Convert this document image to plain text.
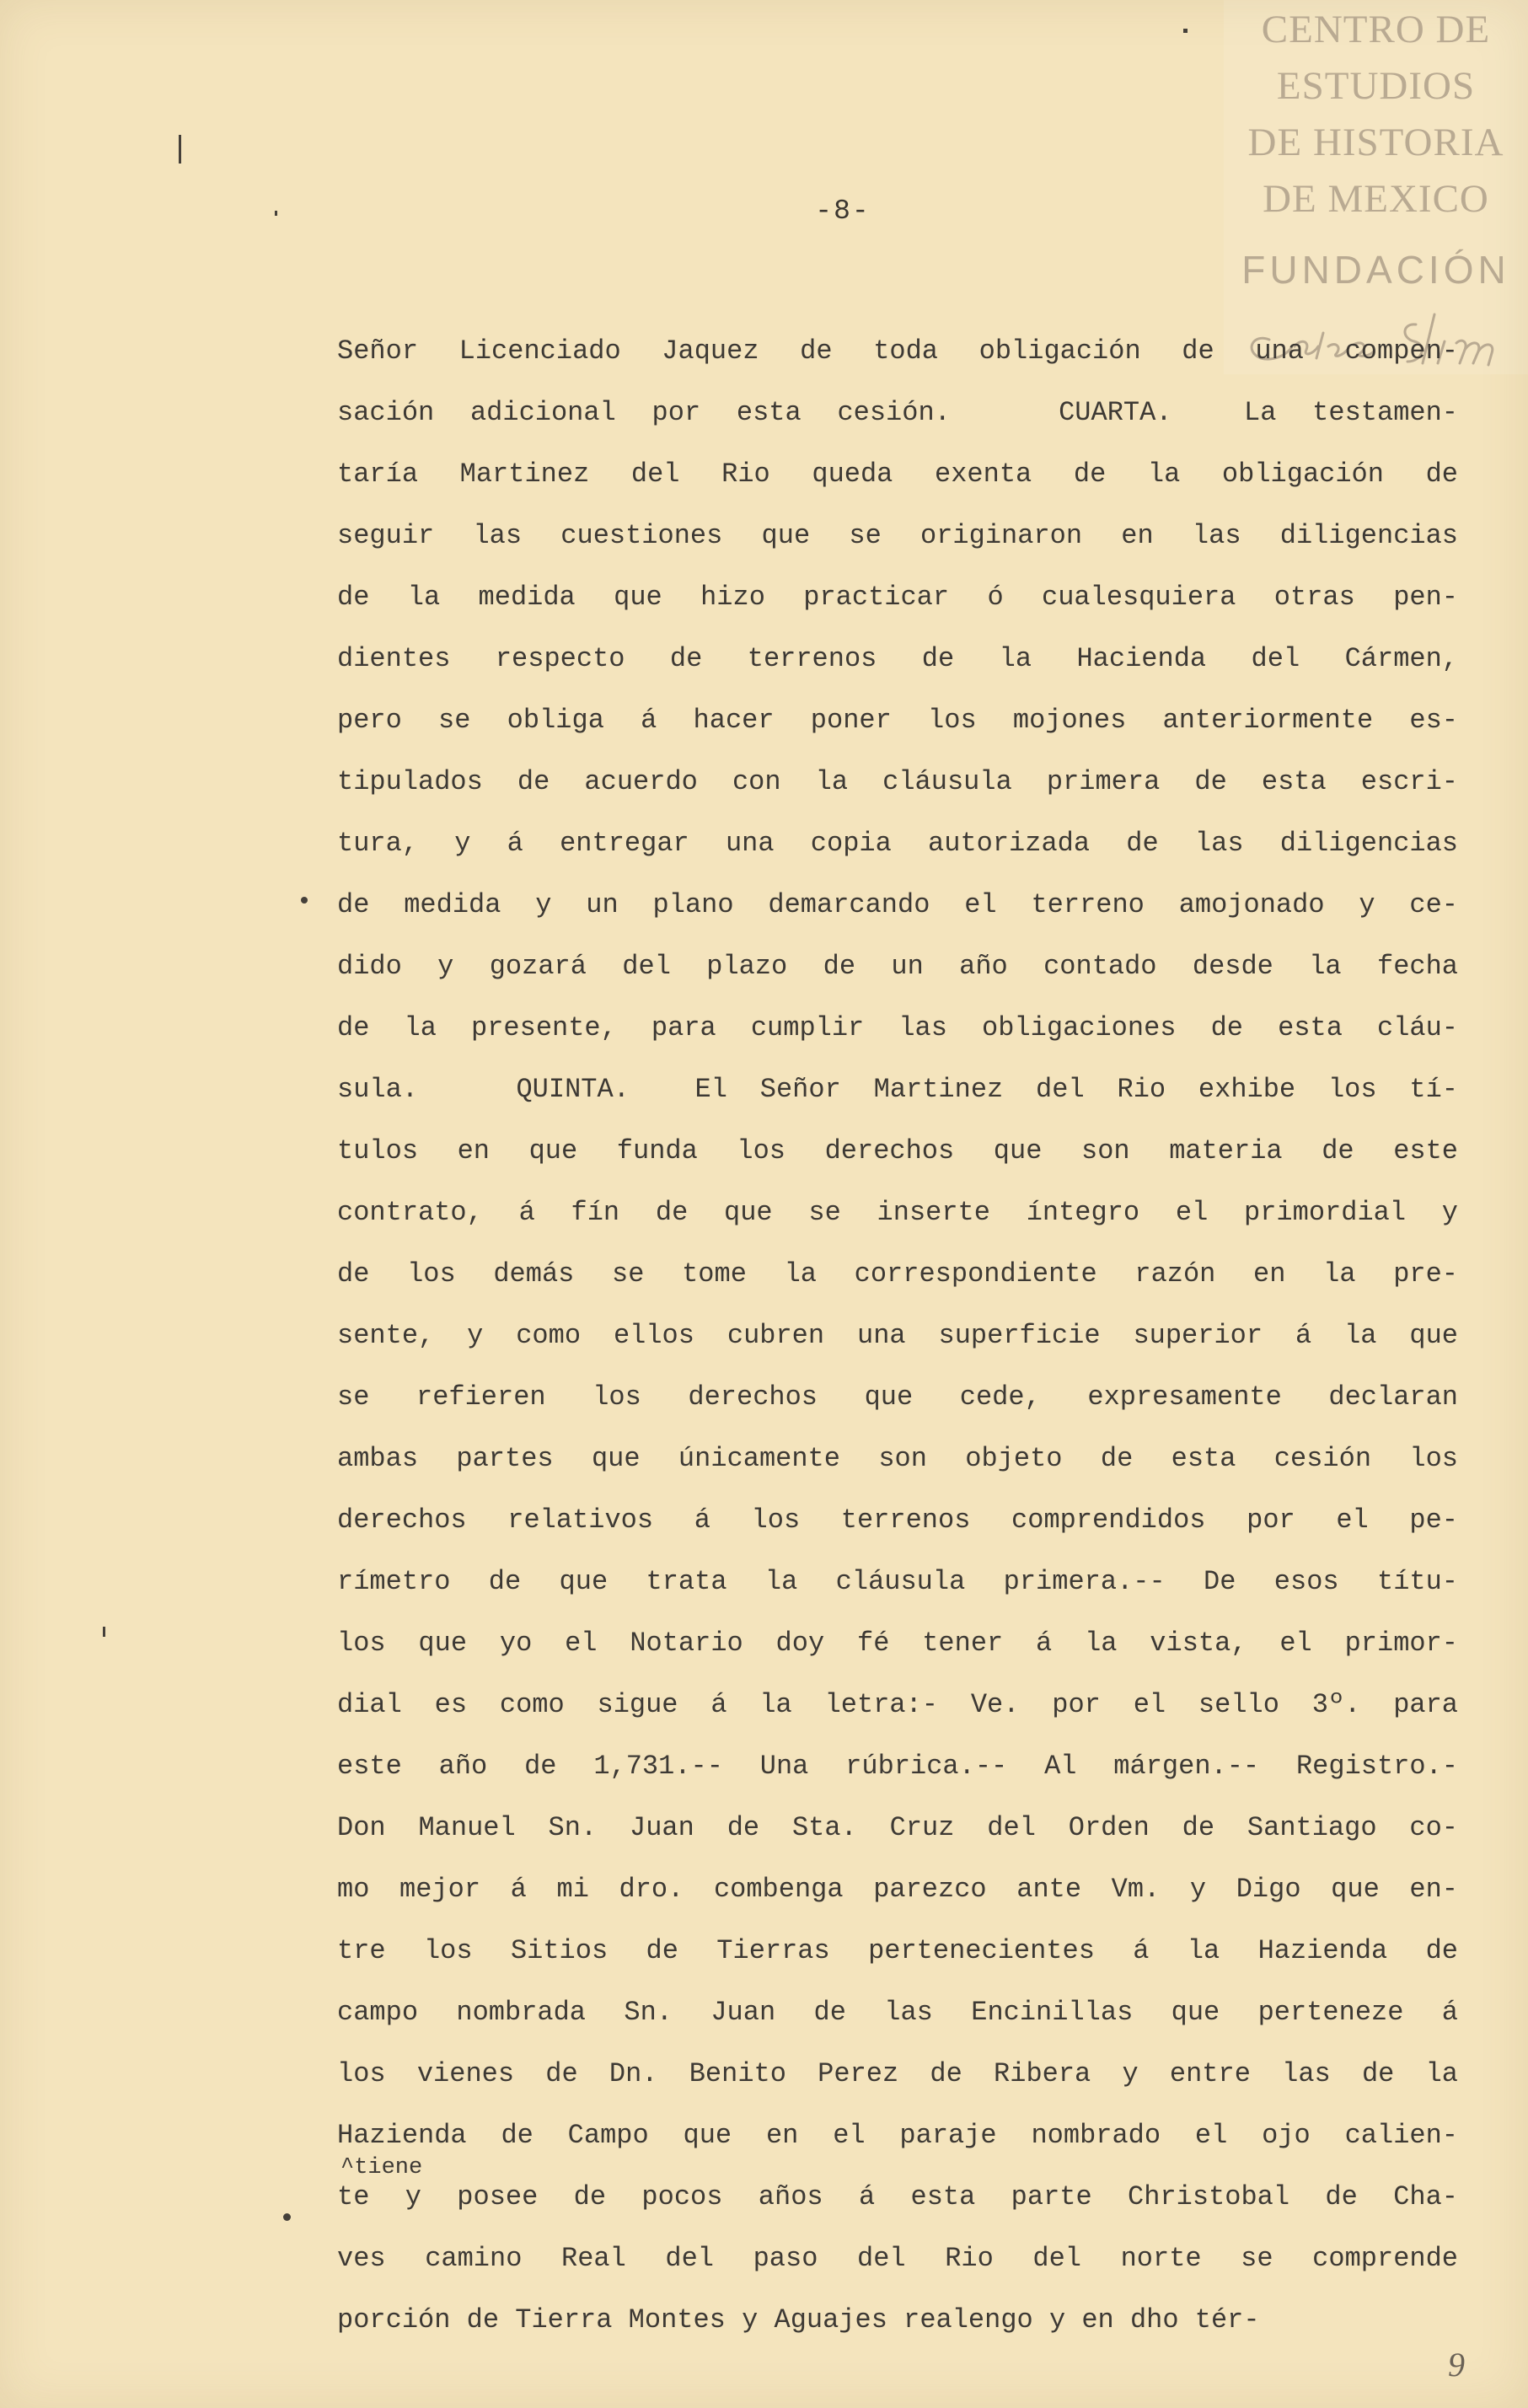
CENTRO DE
ESTUDIOS
DE HISTORIA
DE MEXICO
FUNDACIÓN
-8-
Señor Licenciado Jaquez de toda obligación de una compen-
sación adicional por esta cesión.   CUARTA.  La testamen-
taría Martinez del Rio queda exenta de la obligación de
seguir las cuestiones que se originaron en las diligencias
de la medida que hizo practicar ó cualesquiera otras pen-
dientes respecto de terrenos de la Hacienda del Cármen,
pero se obliga á hacer poner los mojones anteriormente es-
tipulados de acuerdo con la cláusula primera de esta escri-
tura, y á entregar una copia autorizada de las diligencias
de medida y un plano demarcando el terreno amojonado y ce-
dido y gozará del plazo de un año contado desde la fecha
de la presente, para cumplir las obligaciones de esta cláu-
sula.   QUINTA.  El Señor Martinez del Rio exhibe los tí-
tulos en que funda los derechos que son materia de este
contrato, á fín de que se inserte íntegro el primordial y
de los demás se tome la correspondiente razón en la pre-
sente, y como ellos cubren una superficie superior á la que
se refieren los derechos que cede, expresamente declaran
ambas partes que únicamente son objeto de esta cesión los
derechos relativos á los terrenos comprendidos por el pe-
rímetro de que trata la cláusula primera.-- De esos títu-
los que yo el Notario doy fé tener á la vista, el primor-
dial es como sigue á la letra:- Ve. por el sello 3º. para
este año de 1,731.-- Una rúbrica.-- Al márgen.-- Registro.-
Don Manuel Sn. Juan de Sta. Cruz del Orden de Santiago co-
mo mejor á mi dro. combenga parezco ante Vm. y Digo que en-
tre los Sitios de Tierras pertenecientes á la Hazienda de
campo nombrada Sn. Juan de las Encinillas que perteneze á
los vienes de Dn. Benito Perez de Ribera y entre las de la
Hazienda de Campo que en el paraje nombrado el ojo calien-
^tiene
te y posee de pocos años á esta parte Christobal de Cha-
ves camino Real del paso del Rio del norte se comprende
porción de Tierra Montes y Aguajes realengo y en dho tér-
9
